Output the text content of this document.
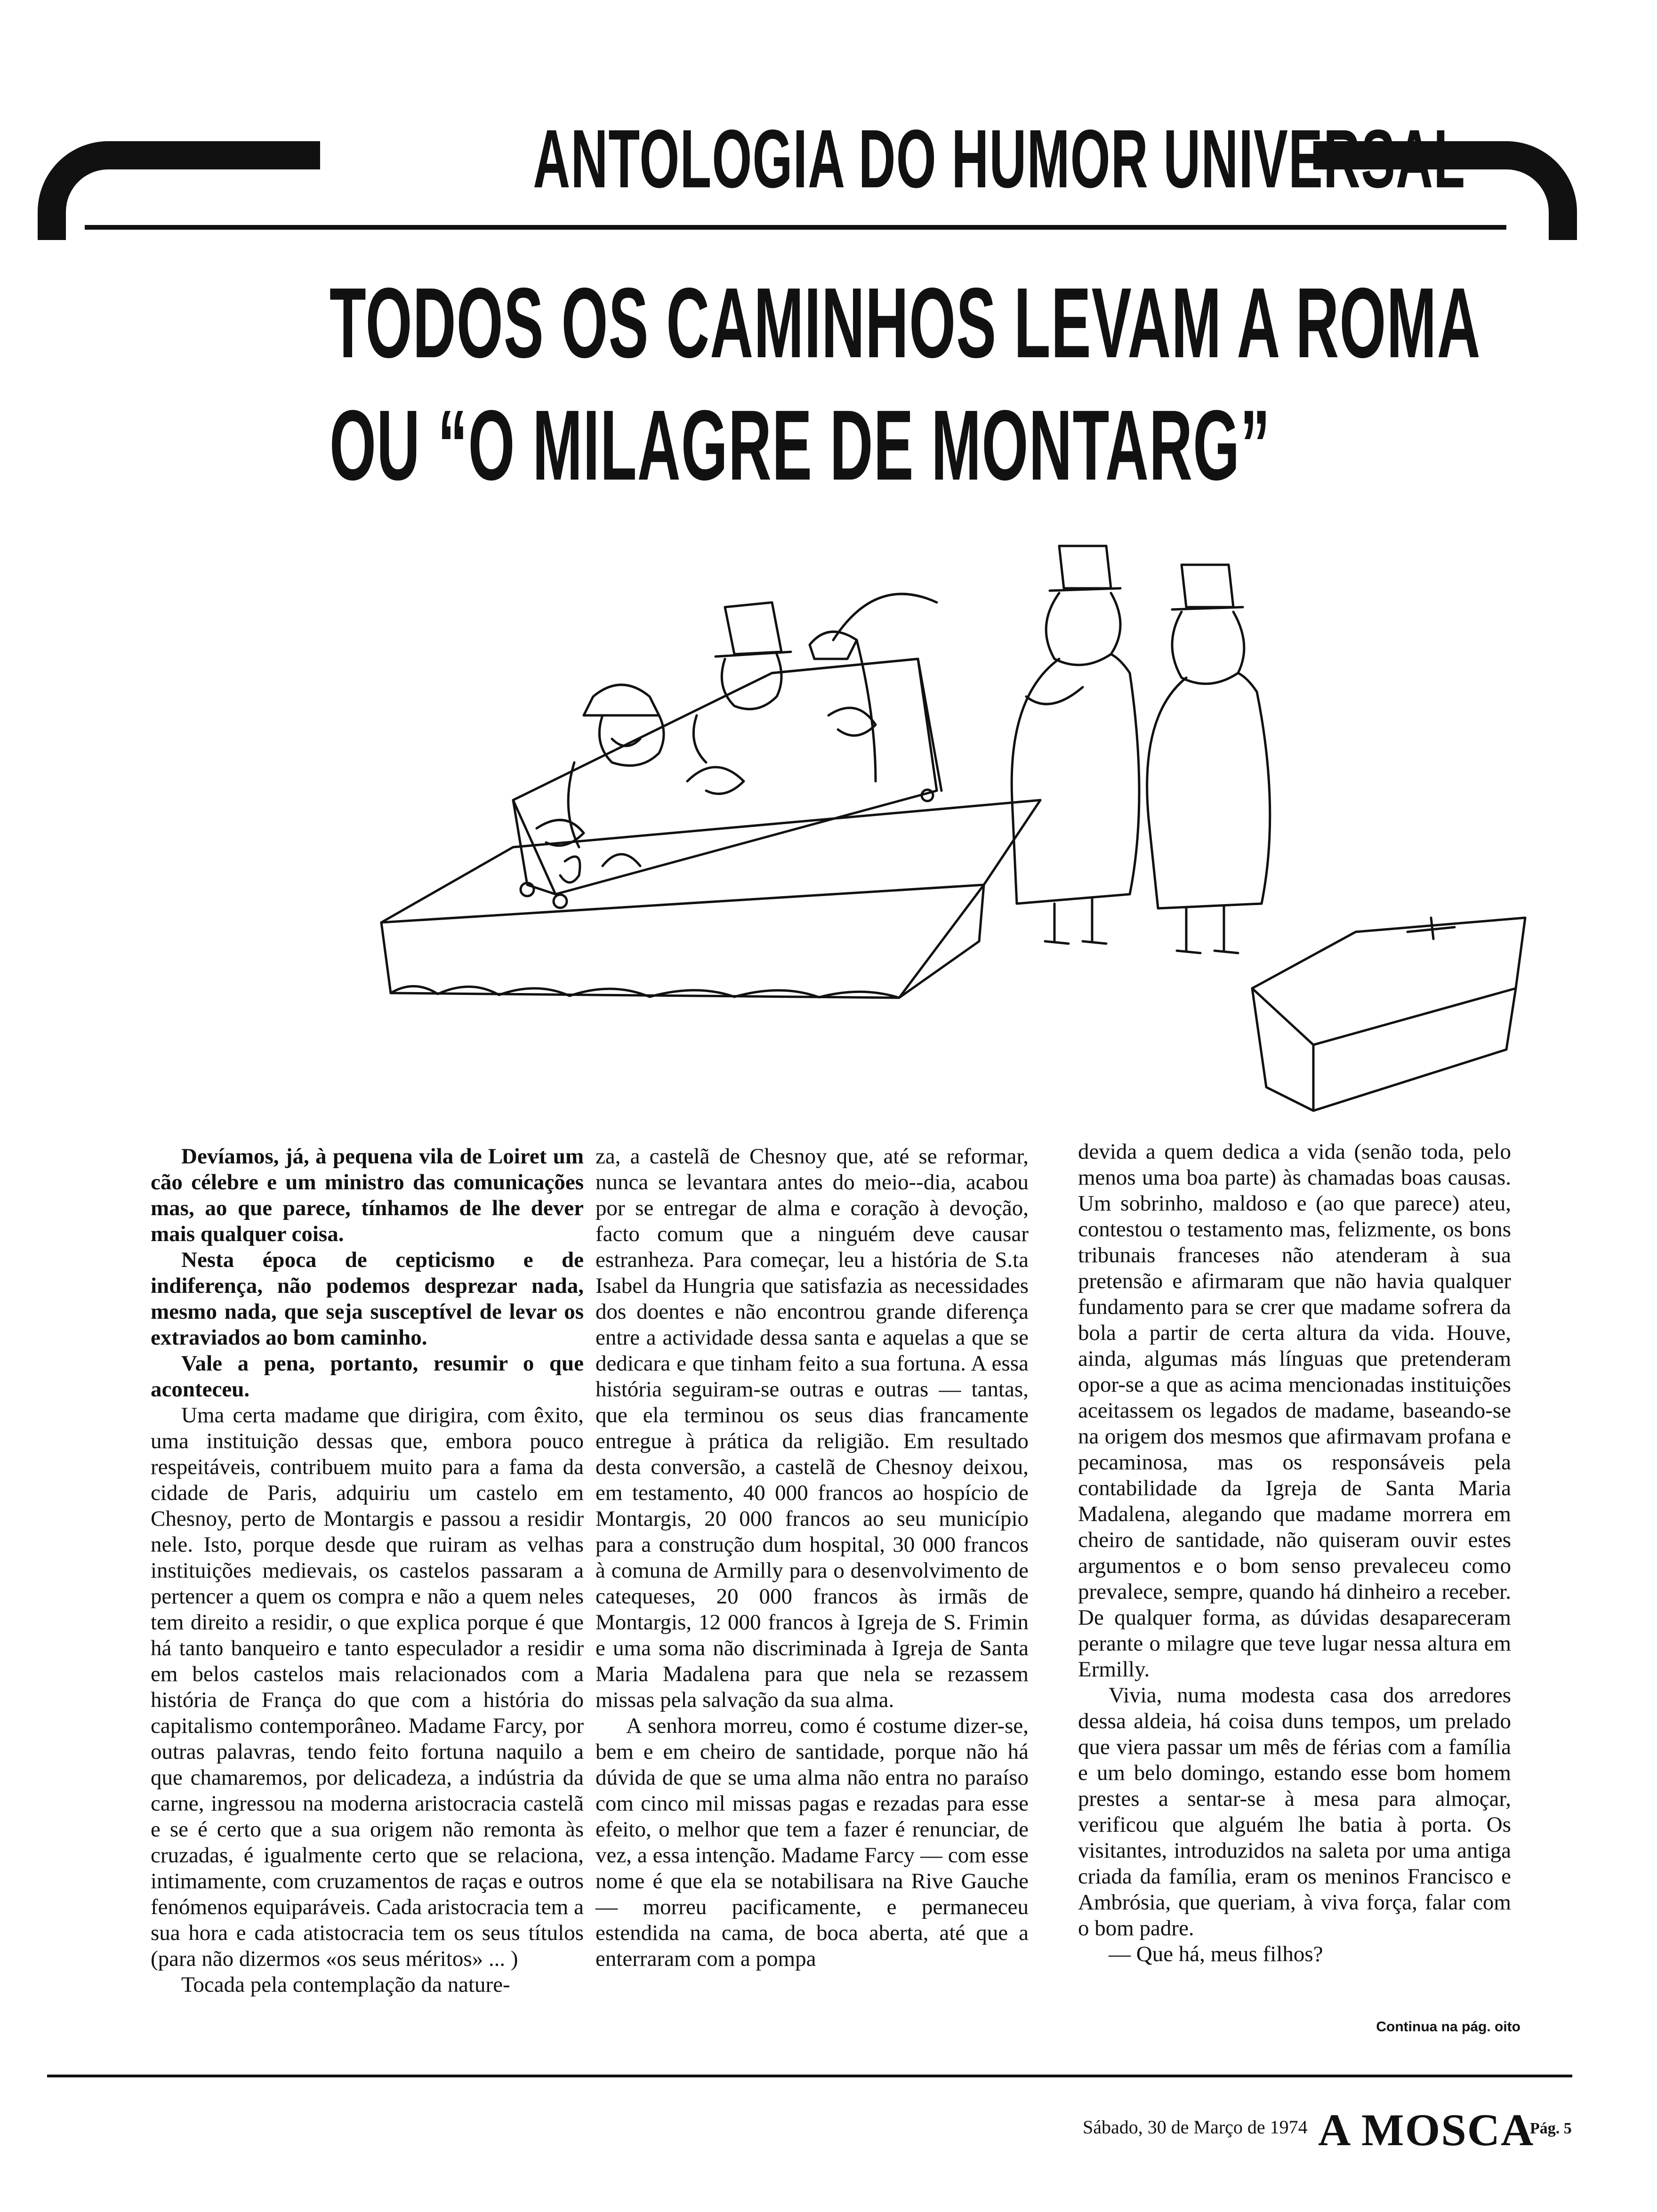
ANTOLOGIA DO HUMOR UNIVERSAL
TODOS OS CAMINHOS LEVAM A ROMA
OU “O MILAGRE DE MONTARG”

Devíamos, já, à pequena vila de Loiret um cão célebre e um ministro das comunicações mas, ao que parece, tínhamos de lhe dever mais qualquer coisa.

Nesta época de cepticismo e de indiferença, não podemos desprezar nada, mesmo nada, que seja susceptível de levar os extraviados ao bom caminho.

Vale a pena, portanto, resumir o que aconteceu.

Uma certa madame que dirigira, com êxito, uma instituição dessas que, embora pouco respeitáveis, contribuem muito para a fama da cidade de Paris, adquiriu um castelo em Chesnoy, perto de Montargis e passou a residir nele. Isto, porque desde que ruiram as velhas instituições medievais, os castelos passaram a pertencer a quem os compra e não a quem neles tem direito a residir, o que explica porque é que há tanto banqueiro e tanto especulador a residir em belos castelos mais relacionados com a história de França do que com a história do capitalismo contemporâneo. Madame Farcy, por outras palavras, tendo feito fortuna naquilo a que chamaremos, por delicadeza, a indústria da carne, ingressou na moderna aristocracia castelã e se é certo que a sua origem não remonta às cruzadas, é igualmente certo que se relaciona, intimamente, com cruzamentos de raças e outros fenómenos equiparáveis. Cada aristocracia tem a sua hora e cada atistocracia tem os seus títulos (para não dizermos «os seus méritos» ... )

Tocada pela contemplação da nature-

za, a castelã de Chesnoy que, até se reformar, nunca se levantara antes do meio--dia, acabou por se entregar de alma e coração à devoção, facto comum que a ninguém deve causar estranheza. Para começar, leu a história de S.ta Isabel da Hungria que satisfazia as necessidades dos doentes e não encontrou grande diferença entre a actividade dessa santa e aquelas a que se dedicara e que tinham feito a sua fortuna. A essa história seguiram-se outras e outras — tantas, que ela terminou os seus dias francamente entregue à prática da religião. Em resultado desta conversão, a castelã de Chesnoy deixou, em testamento, 40 000 francos ao hospício de Montargis, 20 000 francos ao seu município para a construção dum hospital, 30 000 francos à comuna de Armilly para o desenvolvimento de catequeses, 20 000 francos às irmãs de Montargis, 12 000 francos à Igreja de S. Frimin e uma soma não discriminada à Igreja de Santa Maria Madalena para que nela se rezassem missas pela salvação da sua alma.

A senhora morreu, como é costume dizer-se, bem e em cheiro de santidade, porque não há dúvida de que se uma alma não entra no paraíso com cinco mil missas pagas e rezadas para esse efeito, o melhor que tem a fazer é renunciar, de vez, a essa intenção. Madame Farcy — com esse nome é que ela se notabilisara na Rive Gauche — morreu pacificamente, e permaneceu estendida na cama, de boca aberta, até que a enterraram com a pompa

devida a quem dedica a vida (senão toda, pelo menos uma boa parte) às chamadas boas causas. Um sobrinho, maldoso e (ao que parece) ateu, contestou o testamento mas, felizmente, os bons tribunais franceses não atenderam à sua pretensão e afirmaram que não havia qualquer fundamento para se crer que madame sofrera da bola a partir de certa altura da vida. Houve, ainda, algumas más línguas que pretenderam opor-se a que as acima mencionadas instituições aceitassem os legados de madame, baseando-se na origem dos mesmos que afirmavam profana e pecaminosa, mas os responsáveis pela contabilidade da Igreja de Santa Maria Madalena, alegando que madame morrera em cheiro de santidade, não quiseram ouvir estes argumentos e o bom senso prevaleceu como prevalece, sempre, quando há dinheiro a receber. De qualquer forma, as dúvidas desapareceram perante o milagre que teve lugar nessa altura em Ermilly.

Vivia, numa modesta casa dos arredores dessa aldeia, há coisa duns tempos, um prelado que viera passar um mês de férias com a família e um belo domingo, estando esse bom homem prestes a sentar-se à mesa para almoçar, verificou que alguém lhe batia à porta. Os visitantes, introduzidos na saleta por uma antiga criada da família, eram os meninos Francisco e Ambrósia, que queriam, à viva força, falar com o bom padre.

— Que há, meus filhos?

Continua na pág. oito
Sábado, 30 de Março de 1974 A MOSCA
Pág. 5
